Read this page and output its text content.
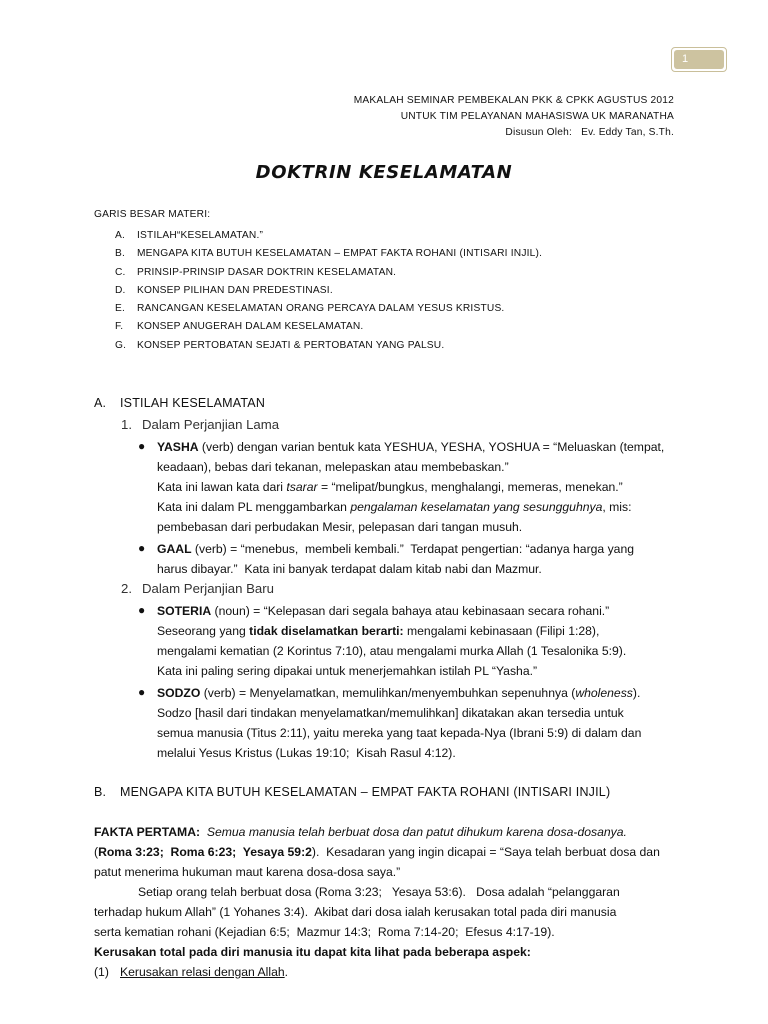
1
MAKALAH SEMINAR PEMBEKALAN PKK & CPKK AGUSTUS 2012
UNTUK TIM PELAYANAN MAHASISWA UK MARANATHA
Disusun Oleh:   Ev. Eddy Tan, S.Th.
DOKTRIN KESELAMATAN
GARIS BESAR MATERI:
A. ISTILAH“KESELAMATAN.”
B. MENGAPA KITA BUTUH KESELAMATAN – EMPAT FAKTA ROHANI (INTISARI INJIL).
C. PRINSIP-PRINSIP DASAR DOKTRIN KESELAMATAN.
D. KONSEP PILIHAN DAN PREDESTINASI.
E. RANCANGAN KESELAMATAN ORANG PERCAYA DALAM YESUS KRISTUS.
F. KONSEP ANUGERAH DALAM KESELAMATAN.
G. KONSEP PERTOBATAN SEJATI & PERTOBATAN YANG PALSU.
A. ISTILAH KESELAMATAN
1. Dalam Perjanjian Lama
● YASHA (verb) dengan varian bentuk kata YESHUA, YESHA, YOSHUA = “Meluaskan (tempat,
keadaan), bebas dari tekanan, melepaskan atau membebaskan.”
Kata ini lawan kata dari tsarar = “melipat/bungkus, menghalangi, memeras, menekan.”
Kata ini dalam PL menggambarkan pengalaman keselamatan yang sesungguhnya, mis:
pembebasan dari perbudakan Mesir, pelepasan dari tangan musuh.
● GAAL (verb) = “menebus,  membeli kembali.”  Terdapat pengertian: “adanya harga yang
harus dibayar.”  Kata ini banyak terdapat dalam kitab nabi dan Mazmur.
2. Dalam Perjanjian Baru
● SOTERIA (noun) = “Kelepasan dari segala bahaya atau kebinasaan secara rohani.”
Seseorang yang tidak diselamatkan berarti: mengalami kebinasaan (Filipi 1:28),
mengalami kematian (2 Korintus 7:10), atau mengalami murka Allah (1 Tesalonika 5:9).
Kata ini paling sering dipakai untuk menerjemahkan istilah PL “Yasha.”
● SODZO (verb) = Menyelamatkan, memulihkan/menyembuhkan sepenuhnya (wholeness).
Sodzo [hasil dari tindakan menyelamatkan/memulihkan] dikatakan akan tersedia untuk
semua manusia (Titus 2:11), yaitu mereka yang taat kepada-Nya (Ibrani 5:9) di dalam dan
melalui Yesus Kristus (Lukas 19:10;  Kisah Rasul 4:12).
B. MENGAPA KITA BUTUH KESELAMATAN – EMPAT FAKTA ROHANI (INTISARI INJIL)
FAKTA PERTAMA:  Semua manusia telah berbuat dosa dan patut dihukum karena dosa-dosanya.
(Roma 3:23;  Roma 6:23;  Yesaya 59:2).  Kesadaran yang ingin dicapai = “Saya telah berbuat dosa dan
patut menerima hukuman maut karena dosa-dosa saya.”
Setiap orang telah berbuat dosa (Roma 3:23;   Yesaya 53:6).   Dosa adalah “pelanggaran
terhadap hukum Allah” (1 Yohanes 3:4).  Akibat dari dosa ialah kerusakan total pada diri manusia
serta kematian rohani (Kejadian 6:5;  Mazmur 14:3;  Roma 7:14-20;  Efesus 4:17-19).
Kerusakan total pada diri manusia itu dapat kita lihat pada beberapa aspek:
(1) Kerusakan relasi dengan Allah.
